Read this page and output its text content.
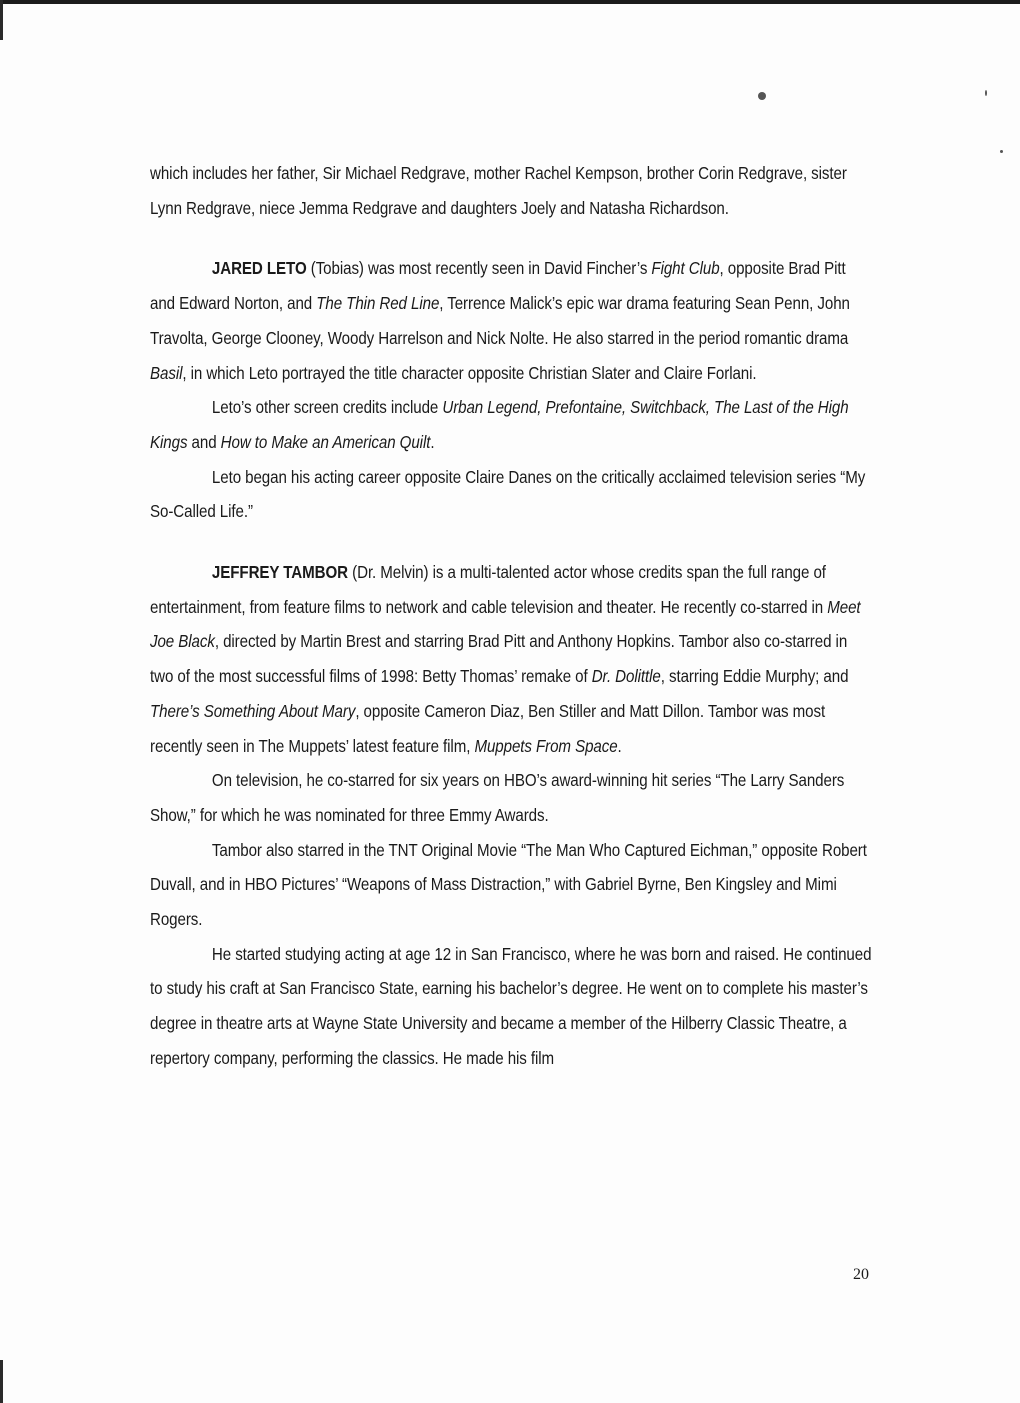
which includes her father, Sir Michael Redgrave, mother Rachel Kempson, brother Corin Redgrave, sister Lynn Redgrave, niece Jemma Redgrave and daughters Joely and Natasha Richardson.

JARED LETO (Tobias) was most recently seen in David Fincher’s Fight Club, opposite Brad Pitt and Edward Norton, and The Thin Red Line, Terrence Malick’s epic war drama featuring Sean Penn, John Travolta, George Clooney, Woody Harrelson and Nick Nolte. He also starred in the period romantic drama Basil, in which Leto portrayed the title character opposite Christian Slater and Claire Forlani.

Leto’s other screen credits include Urban Legend, Prefontaine, Switchback, The Last of the High Kings and How to Make an American Quilt.

Leto began his acting career opposite Claire Danes on the critically acclaimed television series “My So-Called Life.”

JEFFREY TAMBOR (Dr. Melvin) is a multi-talented actor whose credits span the full range of entertainment, from feature films to network and cable television and theater. He recently co-starred in Meet Joe Black, directed by Martin Brest and starring Brad Pitt and Anthony Hopkins. Tambor also co-starred in two of the most successful films of 1998: Betty Thomas’ remake of Dr. Dolittle, starring Eddie Murphy; and There’s Something About Mary, opposite Cameron Diaz, Ben Stiller and Matt Dillon. Tambor was most recently seen in The Muppets’ latest feature film, Muppets From Space.

On television, he co-starred for six years on HBO’s award-winning hit series “The Larry Sanders Show,” for which he was nominated for three Emmy Awards.

Tambor also starred in the TNT Original Movie “The Man Who Captured Eichman,” opposite Robert Duvall, and in HBO Pictures’ “Weapons of Mass Distraction,” with Gabriel Byrne, Ben Kingsley and Mimi Rogers.

He started studying acting at age 12 in San Francisco, where he was born and raised. He continued to study his craft at San Francisco State, earning his bachelor’s degree. He went on to complete his master’s degree in theatre arts at Wayne State University and became a member of the Hilberry Classic Theatre, a repertory company, performing the classics. He made his film

20
